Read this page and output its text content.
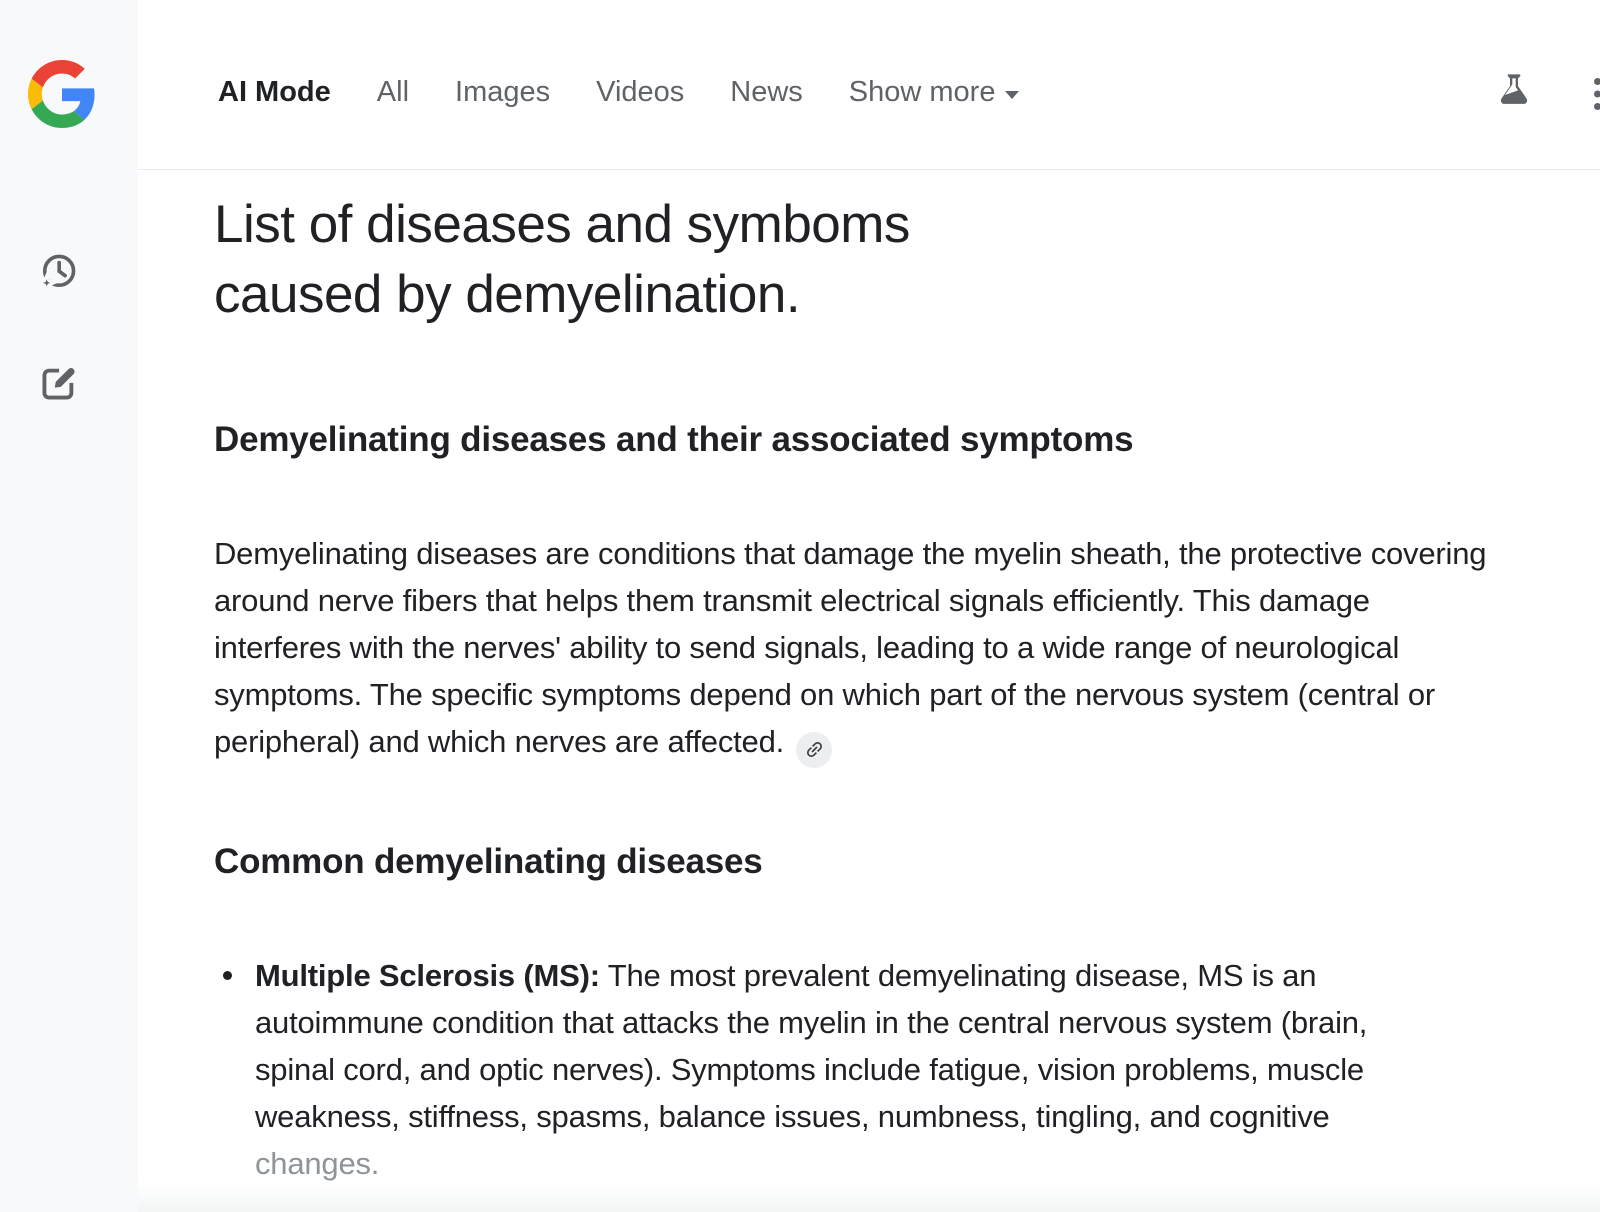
AI Mode All Images Videos News Show more
List of diseases and symboms caused by demyelination.
Demyelinating diseases and their associated symptoms

Demyelinating diseases are conditions that damage the myelin sheath, the protective covering around nerve fibers that helps them transmit electrical signals efficiently. This damage interferes with the nerves' ability to send signals, leading to a wide range of neurological symptoms. The specific symptoms depend on which part of the nervous system (central or peripheral) and which nerves are affected.

Common demyelinating diseases
Multiple Sclerosis (MS): The most prevalent demyelinating disease, MS is an autoimmune condition that attacks the myelin in the central nervous system (brain, spinal cord, and optic nerves). Symptoms include fatigue, vision problems, muscle weakness, stiffness, spasms, balance issues, numbness, tingling, and cognitive changes.
